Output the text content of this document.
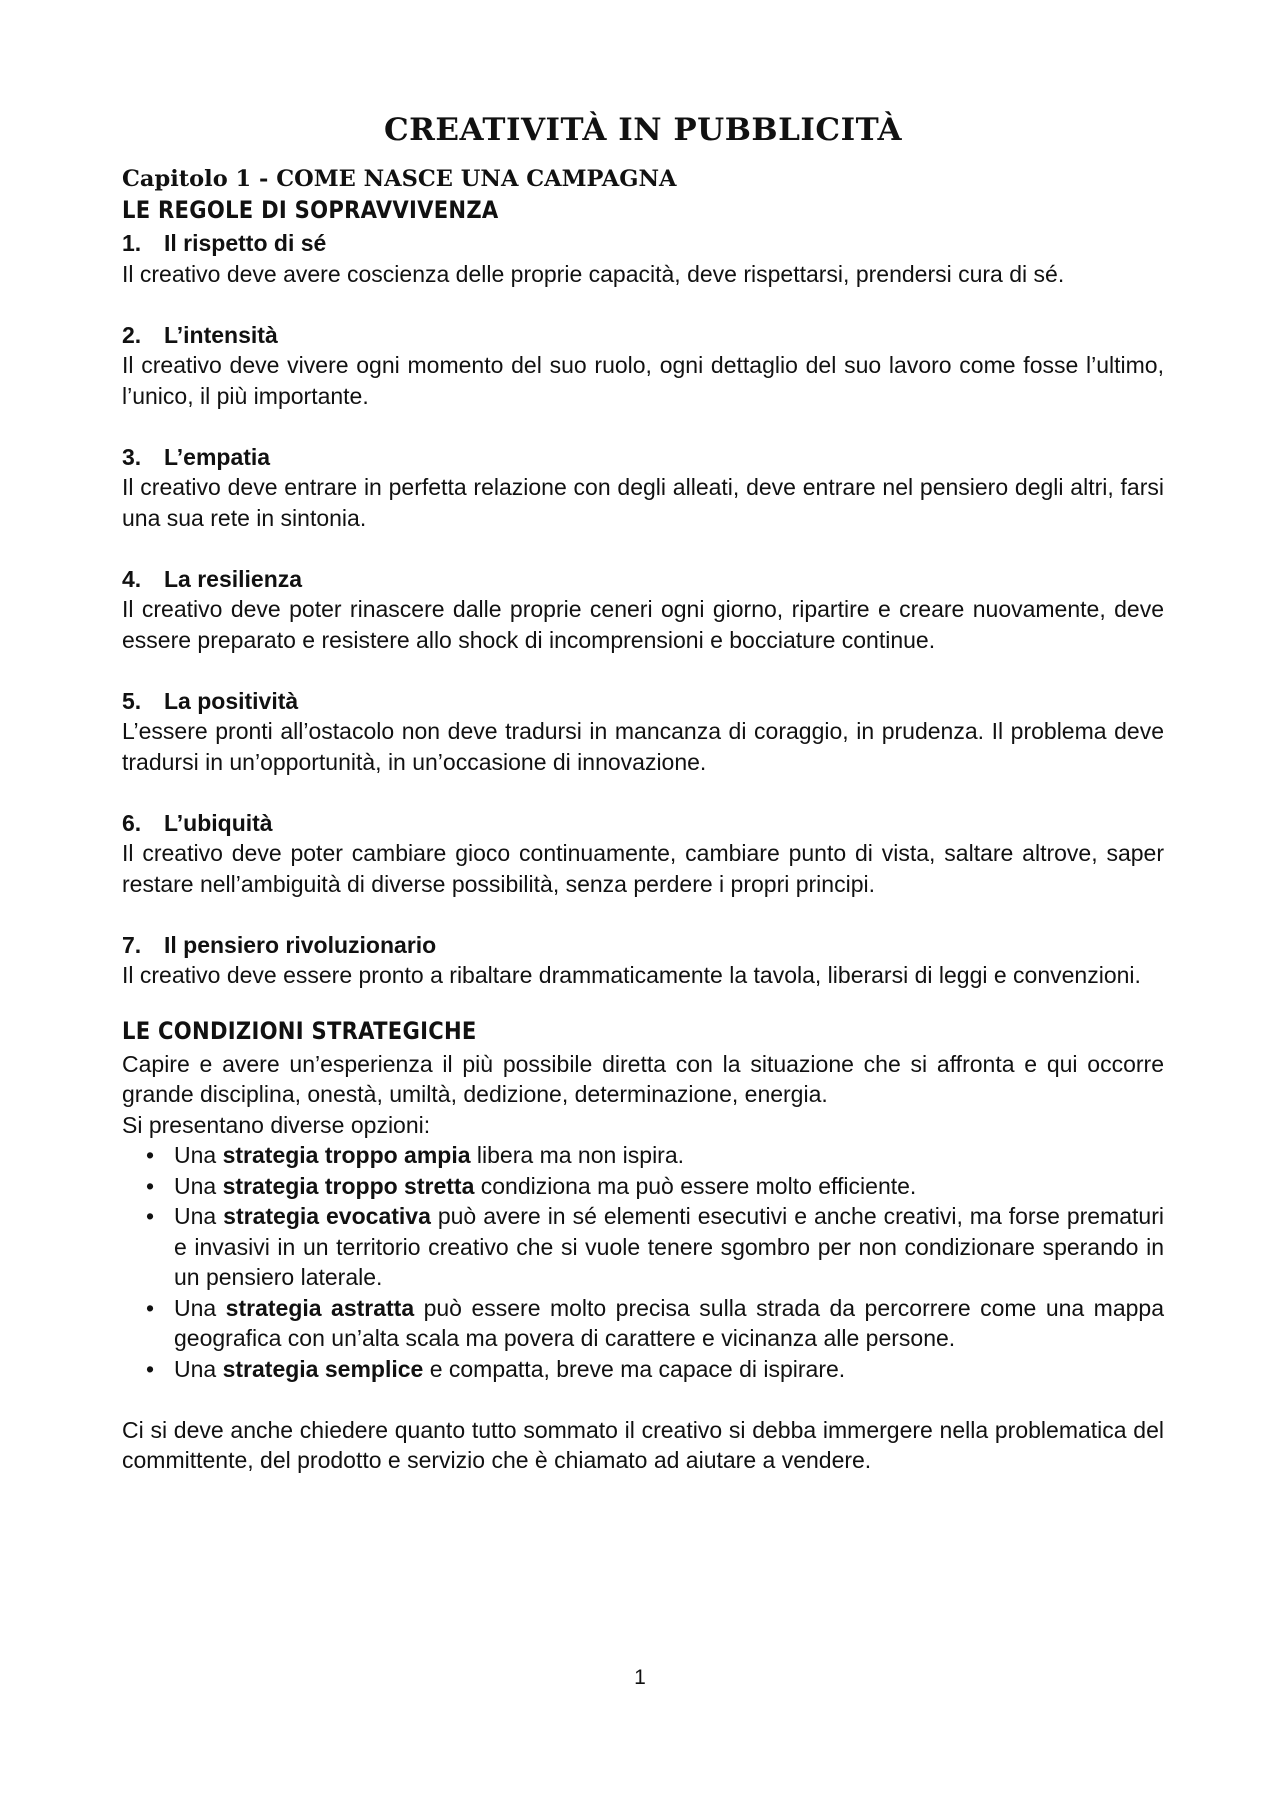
CREATIVITÀ IN PUBBLICITÀ
Capitolo 1 - COME NASCE UNA CAMPAGNA
LE REGOLE DI SOPRAVVIVENZA

1. Il rispetto di sé

Il creativo deve avere coscienza delle proprie capacità, deve rispettarsi, prendersi cura di sé.

2. L’intensità

Il creativo deve vivere ogni momento del suo ruolo, ogni dettaglio del suo lavoro come fosse l’ultimo, l’unico, il più importante.

3. L’empatia

Il creativo deve entrare in perfetta relazione con degli alleati, deve entrare nel pensiero degli altri, farsi una sua rete in sintonia.

4. La resilienza

Il creativo deve poter rinascere dalle proprie ceneri ogni giorno, ripartire e creare nuovamente, deve essere preparato e resistere allo shock di incomprensioni e bocciature continue.

5. La positività

L’essere pronti all’ostacolo non deve tradursi in mancanza di coraggio, in prudenza. Il problema deve tradursi in un’opportunità, in un’occasione di innovazione.

6. L’ubiquità

Il creativo deve poter cambiare gioco continuamente, cambiare punto di vista, saltare altrove, saper restare nell’ambiguità di diverse possibilità, senza perdere i propri principi.

7. Il pensiero rivoluzionario

Il creativo deve essere pronto a ribaltare drammaticamente la tavola, liberarsi di leggi e convenzioni.

LE CONDIZIONI STRATEGICHE

Capire e avere un’esperienza il più possibile diretta con la situazione che si affronta e qui occorre grande disciplina, onestà, umiltà, dedizione, determinazione, energia.

Si presentano diverse opzioni:

• Una strategia troppo ampia libera ma non ispira.
• Una strategia troppo stretta condiziona ma può essere molto efficiente.
• Una strategia evocativa può avere in sé elementi esecutivi e anche creativi, ma forse prematuri e invasivi in un territorio creativo che si vuole tenere sgombro per non condizionare sperando in un pensiero laterale.
• Una strategia astratta può essere molto precisa sulla strada da percorrere come una mappa geografica con un’alta scala ma povera di carattere e vicinanza alle persone.
• Una strategia semplice e compatta, breve ma capace di ispirare.

Ci si deve anche chiedere quanto tutto sommato il creativo si debba immergere nella problematica del committente, del prodotto e servizio che è chiamato ad aiutare a vendere.

1
